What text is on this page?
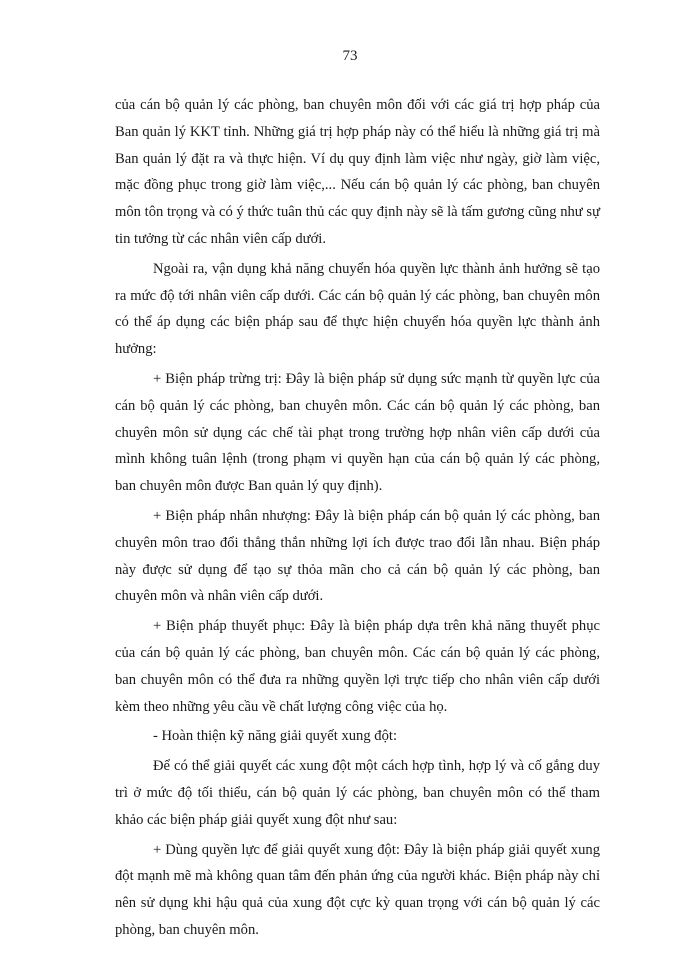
73

của cán bộ quản lý các phòng, ban chuyên môn đối với các giá trị hợp pháp của Ban quản lý KKT tỉnh. Những giá trị hợp pháp này có thể hiểu là những giá trị mà Ban quản lý đặt ra và thực hiện. Ví dụ quy định làm việc như ngày, giờ làm việc, mặc đồng phục trong giờ làm việc,... Nếu cán bộ quản lý các phòng, ban chuyên môn tôn trọng và có ý thức tuân thủ các quy định này sẽ là tấm gương cũng như sự tin tưởng từ các nhân viên cấp dưới.

Ngoài ra, vận dụng khả năng chuyển hóa quyền lực thành ảnh hưởng sẽ tạo ra mức độ tới nhân viên cấp dưới. Các cán bộ quản lý các phòng, ban chuyên môn có thể áp dụng các biện pháp sau để thực hiện chuyển hóa quyền lực thành ảnh hưởng:

+ Biện pháp trừng trị: Đây là biện pháp sử dụng sức mạnh từ quyền lực của cán bộ quản lý các phòng, ban chuyên môn. Các cán bộ quản lý các phòng, ban chuyên môn sử dụng các chế tài phạt trong trường hợp nhân viên cấp dưới của mình không tuân lệnh (trong phạm vi quyền hạn của cán bộ quản lý các phòng, ban chuyên môn được Ban quản lý quy định).

+ Biện pháp nhân nhượng: Đây là biện pháp cán bộ quản lý các phòng, ban chuyên môn trao đổi thẳng thắn những lợi ích được trao đổi lẫn nhau. Biện pháp này được sử dụng để tạo sự thỏa mãn cho cả cán bộ quản lý các phòng, ban chuyên môn và nhân viên cấp dưới.

+ Biện pháp thuyết phục: Đây là biện pháp dựa trên khả năng thuyết phục của cán bộ quản lý các phòng, ban chuyên môn. Các cán bộ quản lý các phòng, ban chuyên môn có thể đưa ra những quyền lợi trực tiếp cho nhân viên cấp dưới kèm theo những yêu cầu về chất lượng công việc của họ.

- Hoàn thiện kỹ năng giải quyết xung đột:

Để có thể giải quyết các xung đột một cách hợp tình, hợp lý và cố gắng duy trì ở mức độ tối thiểu, cán bộ quản lý các phòng, ban chuyên môn có thể tham khảo các biện pháp giải quyết xung đột như sau:

+ Dùng quyền lực để giải quyết xung đột: Đây là biện pháp giải quyết xung đột mạnh mẽ mà không quan tâm đến phản ứng của người khác. Biện pháp này chỉ nên sử dụng khi hậu quả của xung đột cực kỳ quan trọng với cán bộ quản lý các phòng, ban chuyên môn.
